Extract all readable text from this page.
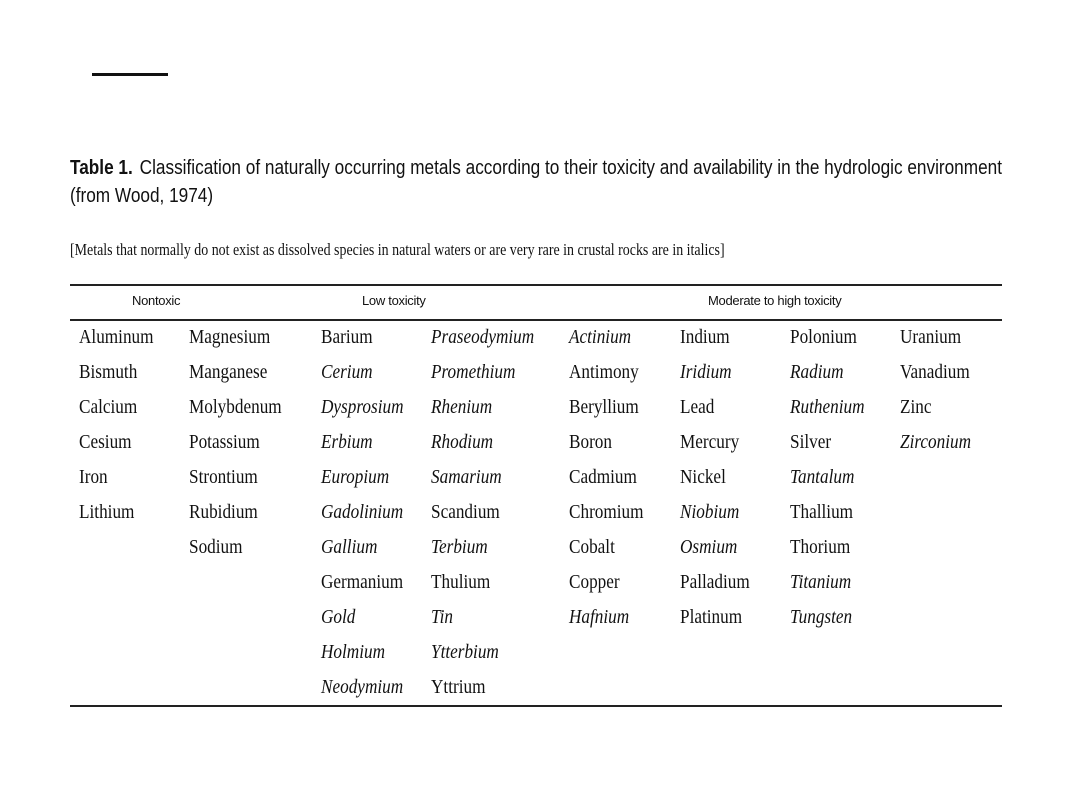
Table 1. Classification of naturally occurring metals according to their toxicity and availability in the hydrologic environment (from Wood, 1974)
[Metals that normally do not exist as dissolved species in natural waters or are very rare in crustal rocks are in italics]
Nontoxic	Low toxicity	Moderate to high toxicity
Aluminum
Bismuth
Calcium
Cesium
Iron
Lithium
Magnesium
Manganese
Molybdenum
Potassium
Strontium
Rubidium
Sodium
Barium
Cerium
Dysprosium
Erbium
Europium
Gadolinium
Gallium
Germanium
Gold
Holmium
Neodymium
Praseodymium
Promethium
Rhenium
Rhodium
Samarium
Scandium
Terbium
Thulium
Tin
Ytterbium
Yttrium
Actinium
Antimony
Beryllium
Boron
Cadmium
Chromium
Cobalt
Copper
Hafnium
Indium
Iridium
Lead
Mercury
Nickel
Niobium
Osmium
Palladium
Platinum
Polonium
Radium
Ruthenium
Silver
Tantalum
Thallium
Thorium
Titanium
Tungsten
Uranium
Vanadium
Zinc
Zirconium
